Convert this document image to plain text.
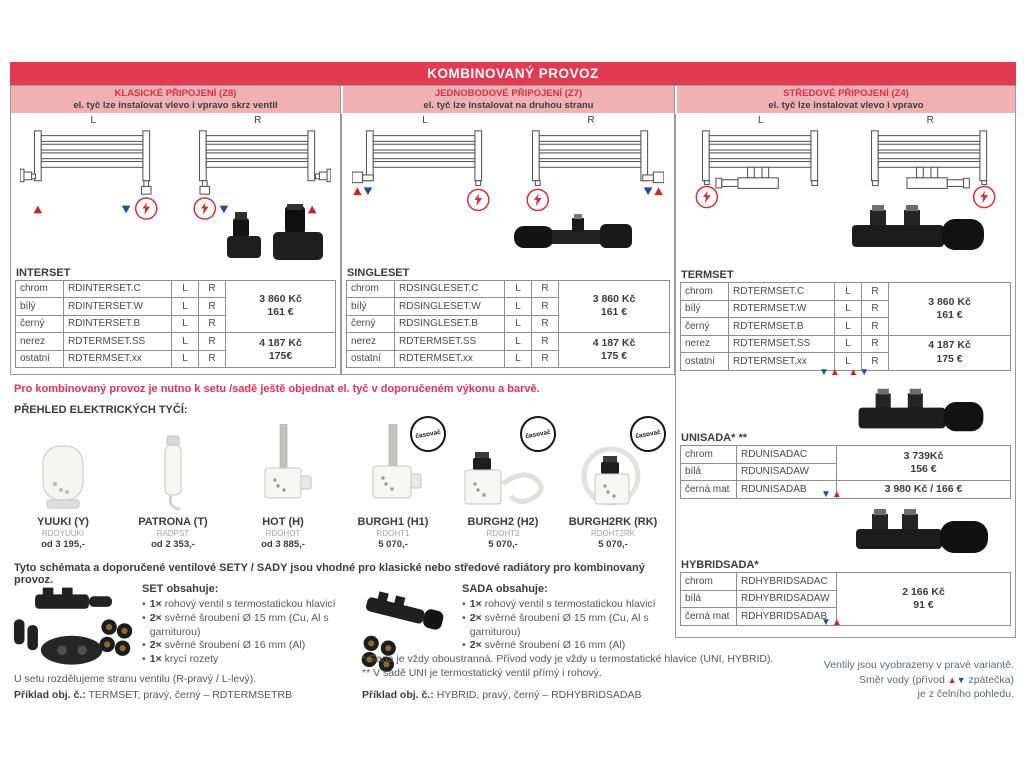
KOMBINOVANÝ PROVOZ
KLASICKÉ PŘIPOJENÍ (Z8)
el. tyč lze instalovat vlevo i vpravo skrz ventil
L	R
INTERSET
chrom	RDINTERSET.C	L	R	3 860 Kč
161 €

bílý	RDINTERSET.W	L	R	
černý	RDINTERSET.B	L	R	
nerez	RDTERMSET.SS	L	R	4 187 Kč
175€

ostatní	RDTERMSET.xx	L	R	
JEDNOBODOVÉ PŘIPOJENÍ (Z7)
el. tyč lze instalovat na druhou stranu
L	R
SINGLESET
chrom	RDSINGLESET.C	L	R	3 860 Kč
161 €

bílý	RDSINGLESET.W	L	R	
černý	RDSINGLESET.B	L	R	
nerez	RDTERMSET.SS	L	R	4 187 Kč
175 €

ostatní	RDTERMSET.xx	L	R	
STŘEDOVÉ PŘIPOJENÍ (Z4)
el. tyč lze instalovat vlevo i vpravo
L	R
TERMSET
chrom	RDTERMSET.C	L	R	3 860 Kč
161 €

bílý	RDTERMSET.W	L	R	
černý	RDTERMSET.B	L	R	
nerez	RDTERMSET.SS	L	R	4 187 Kč
175 €

ostatní	RDTERMSET.xx	L	R	
▼▲ ▲▼
UNISADA* **
chrom	RDUNISADAC	3 739Kč
156 €

bílá	RDUNISADAW	
černá mat	RDUNISADAB	3 980 Kč / 166 €
▼▲
HYBRIDSADA*
chrom	RDHYBRIDSADAC	2 166 Kč
91 €

bílá	RDHYBRIDSADAW	
černá mat	RDHYBRIDSADAB	
▼▲
Pro kombinovaný provoz je nutno k setu /sadě ještě objednat el. tyč v doporučeném výkonu a barvě.
PŘEHLED ELEKTRICKÝCH TYČÍ:
YUUKI (Y)
RDOYUUKI
od 3 195,-
PATRONA (T)
RADPST
od 2 353,-
HOT (H)
RDOHOT
od 3 885,-
časovač
BURGH1 (H1)
RDOHT1
5 070,-
časovač
BURGH2 (H2)
RDOHT2
5 070,-
časovač
BURGH2RK (RK)
RDOHT2RK
5 070,-
Tyto schémata a doporučené ventilové SETY / SADY jsou vhodné pro klasické nebo středové radiátory pro kombinovaný provoz.
SET obsahuje:
• 1× rohový ventil s termostatickou hlavicí
• 2× svěrné šroubení Ø 15 mm (Cu, Al s garniturou)
• 2× svěrné šroubení Ø 16 mm (Al)
• 1× krycí rozety
SADA obsahuje:
• 1× rohový ventil s termostatickou hlavicí
• 2× svěrné šroubení Ø 15 mm (Cu, Al s garniturou)
• 2× svěrné šroubení Ø 16 mm (Al)
U setu rozdělujeme stranu ventilu (R-pravý / L-levý).
Příklad obj. č.: TERMSET, pravý, černý – RDTERMSETRB
* Sada je vždy oboustranná. Přívod vody je vždy u termostatické hlavice (UNI, HYBRID).
** V sadě UNI je termostatický ventil přímý i rohový.
Příklad obj. č.: HYBRID, pravý, černý – RDHYBRIDSADAB
Ventily jsou vyobrazeny v pravé variantě.
Směr vody (přívod ▲▼ zpátečka)
je z čelního pohledu.
